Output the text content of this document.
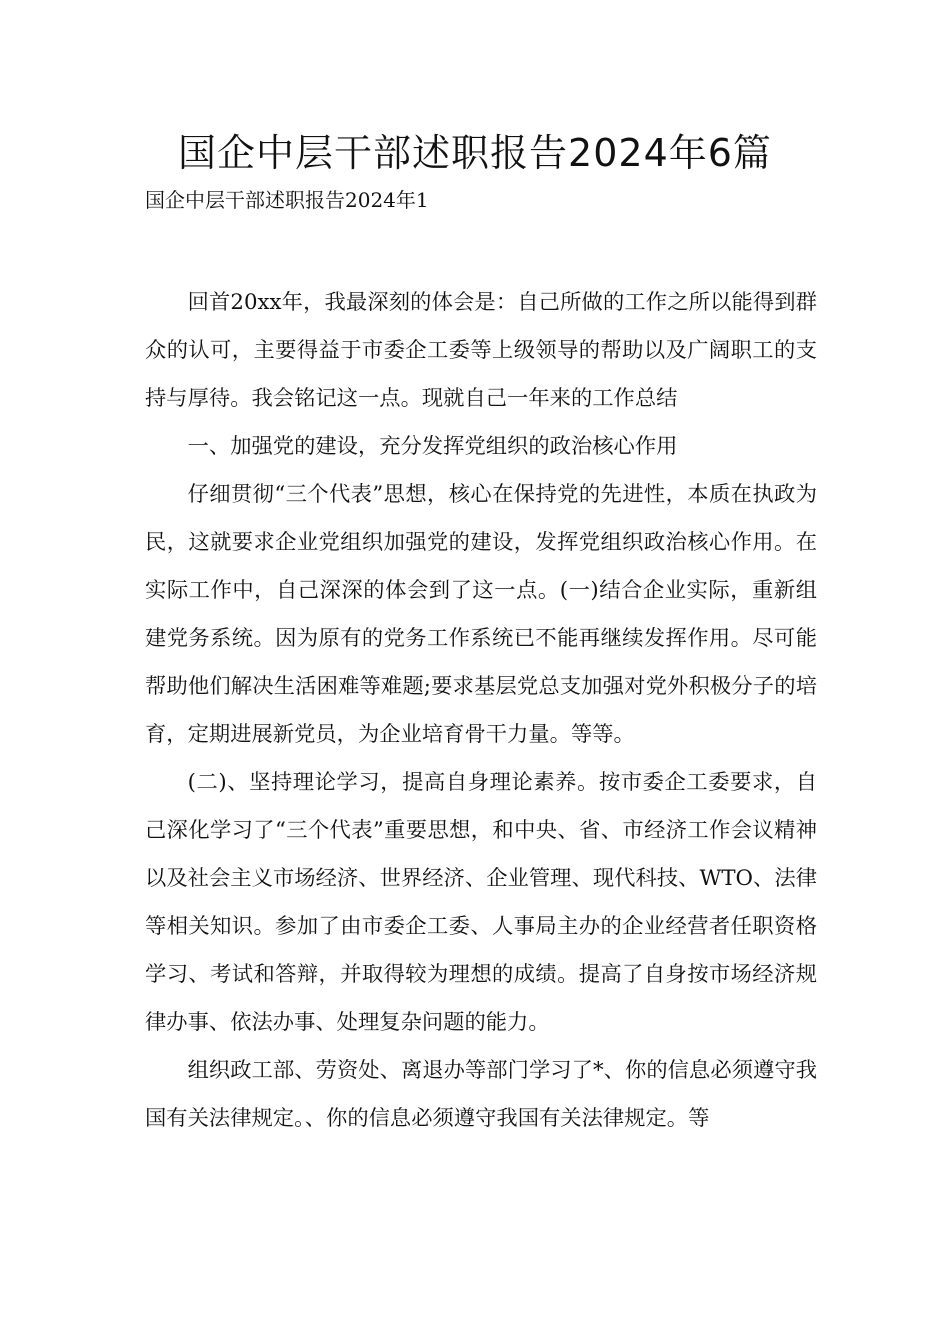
国企中层干部述职报告2024年6篇

国企中层干部述职报告2024年1

回首20xx年，我最深刻的体会是：自己所做的工作之所以能得到群众的认可，主要得益于市委企工委等上级领导的帮助以及广阔职工的支持与厚待。我会铭记这一点。现就自己一年来的工作总结

一、加强党的建设，充分发挥党组织的政治核心作用

仔细贯彻“三个代表”思想，核心在保持党的先进性，本质在执政为民，这就要求企业党组织加强党的建设，发挥党组织政治核心作用。在实际工作中，自己深深的体会到了这一点。(一)结合企业实际，重新组建党务系统。因为原有的党务工作系统已不能再继续发挥作用。尽可能帮助他们解决生活困难等难题;要求基层党总支加强对党外积极分子的培育，定期进展新党员，为企业培育骨干力量。等等。

(二)、坚持理论学习，提高自身理论素养。按市委企工委要求，自己深化学习了“三个代表”重要思想，和中央、省、市经济工作会议精神以及社会主义市场经济、世界经济、企业管理、现代科技、WTO、法律等相关知识。参加了由市委企工委、人事局主办的企业经营者任职资格学习、考试和答辩，并取得较为理想的成绩。提高了自身按市场经济规律办事、依法办事、处理复杂问题的能力。

组织政工部、劳资处、离退办等部门学习了*、你的信息必须遵守我国有关法律规定。、你的信息必须遵守我国有关法律规定。等
